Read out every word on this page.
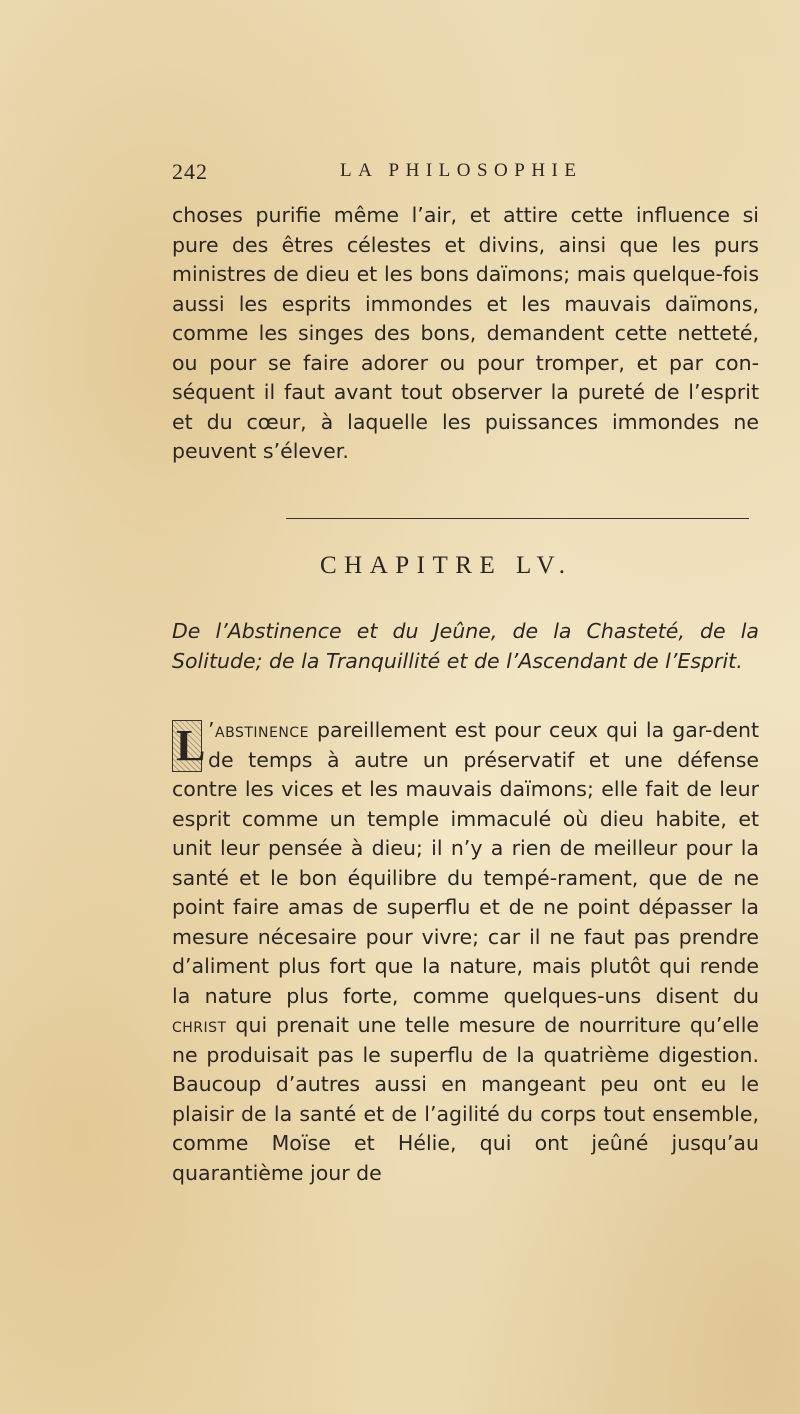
242	LA PHILOSOPHIE
choses purifie même l’air, et attire cette influence si pure des êtres célestes et divins, ainsi que les purs ministres de dieu et les bons daïmons; mais quelque-fois aussi les esprits immondes et les mauvais daïmons, comme les singes des bons, demandent cette netteté, ou pour se faire adorer ou pour tromper, et par con-séquent il faut avant tout observer la pureté de l’esprit et du cœur, à laquelle les puissances immondes ne peuvent s’élever.
CHAPITRE LV.
De l’Abstinence et du Jeûne, de la Chasteté, de la Solitude; de la Tranquillité et de l’Ascendant de l’Esprit.
L ’abstinence pareillement est pour ceux qui la gar-dent de temps à autre un préservatif et une défense contre les vices et les mauvais daïmons; elle fait de leur esprit comme un temple immaculé où dieu habite, et unit leur pensée à dieu; il n’y a rien de meilleur pour la santé et le bon équilibre du tempé-rament, que de ne point faire amas de superflu et de ne point dépasser la mesure nécesaire pour vivre; car il ne faut pas prendre d’aliment plus fort que la nature, mais plutôt qui rende la nature plus forte, comme quelques-uns disent du christ qui prenait une telle mesure de nourriture qu’elle ne produisait pas le superflu de la quatrième digestion. Baucoup d’autres aussi en mangeant peu ont eu le plaisir de la santé et de l’agilité du corps tout ensemble, comme Moïse et Hélie, qui ont jeûné jusqu’au quarantième jour de
